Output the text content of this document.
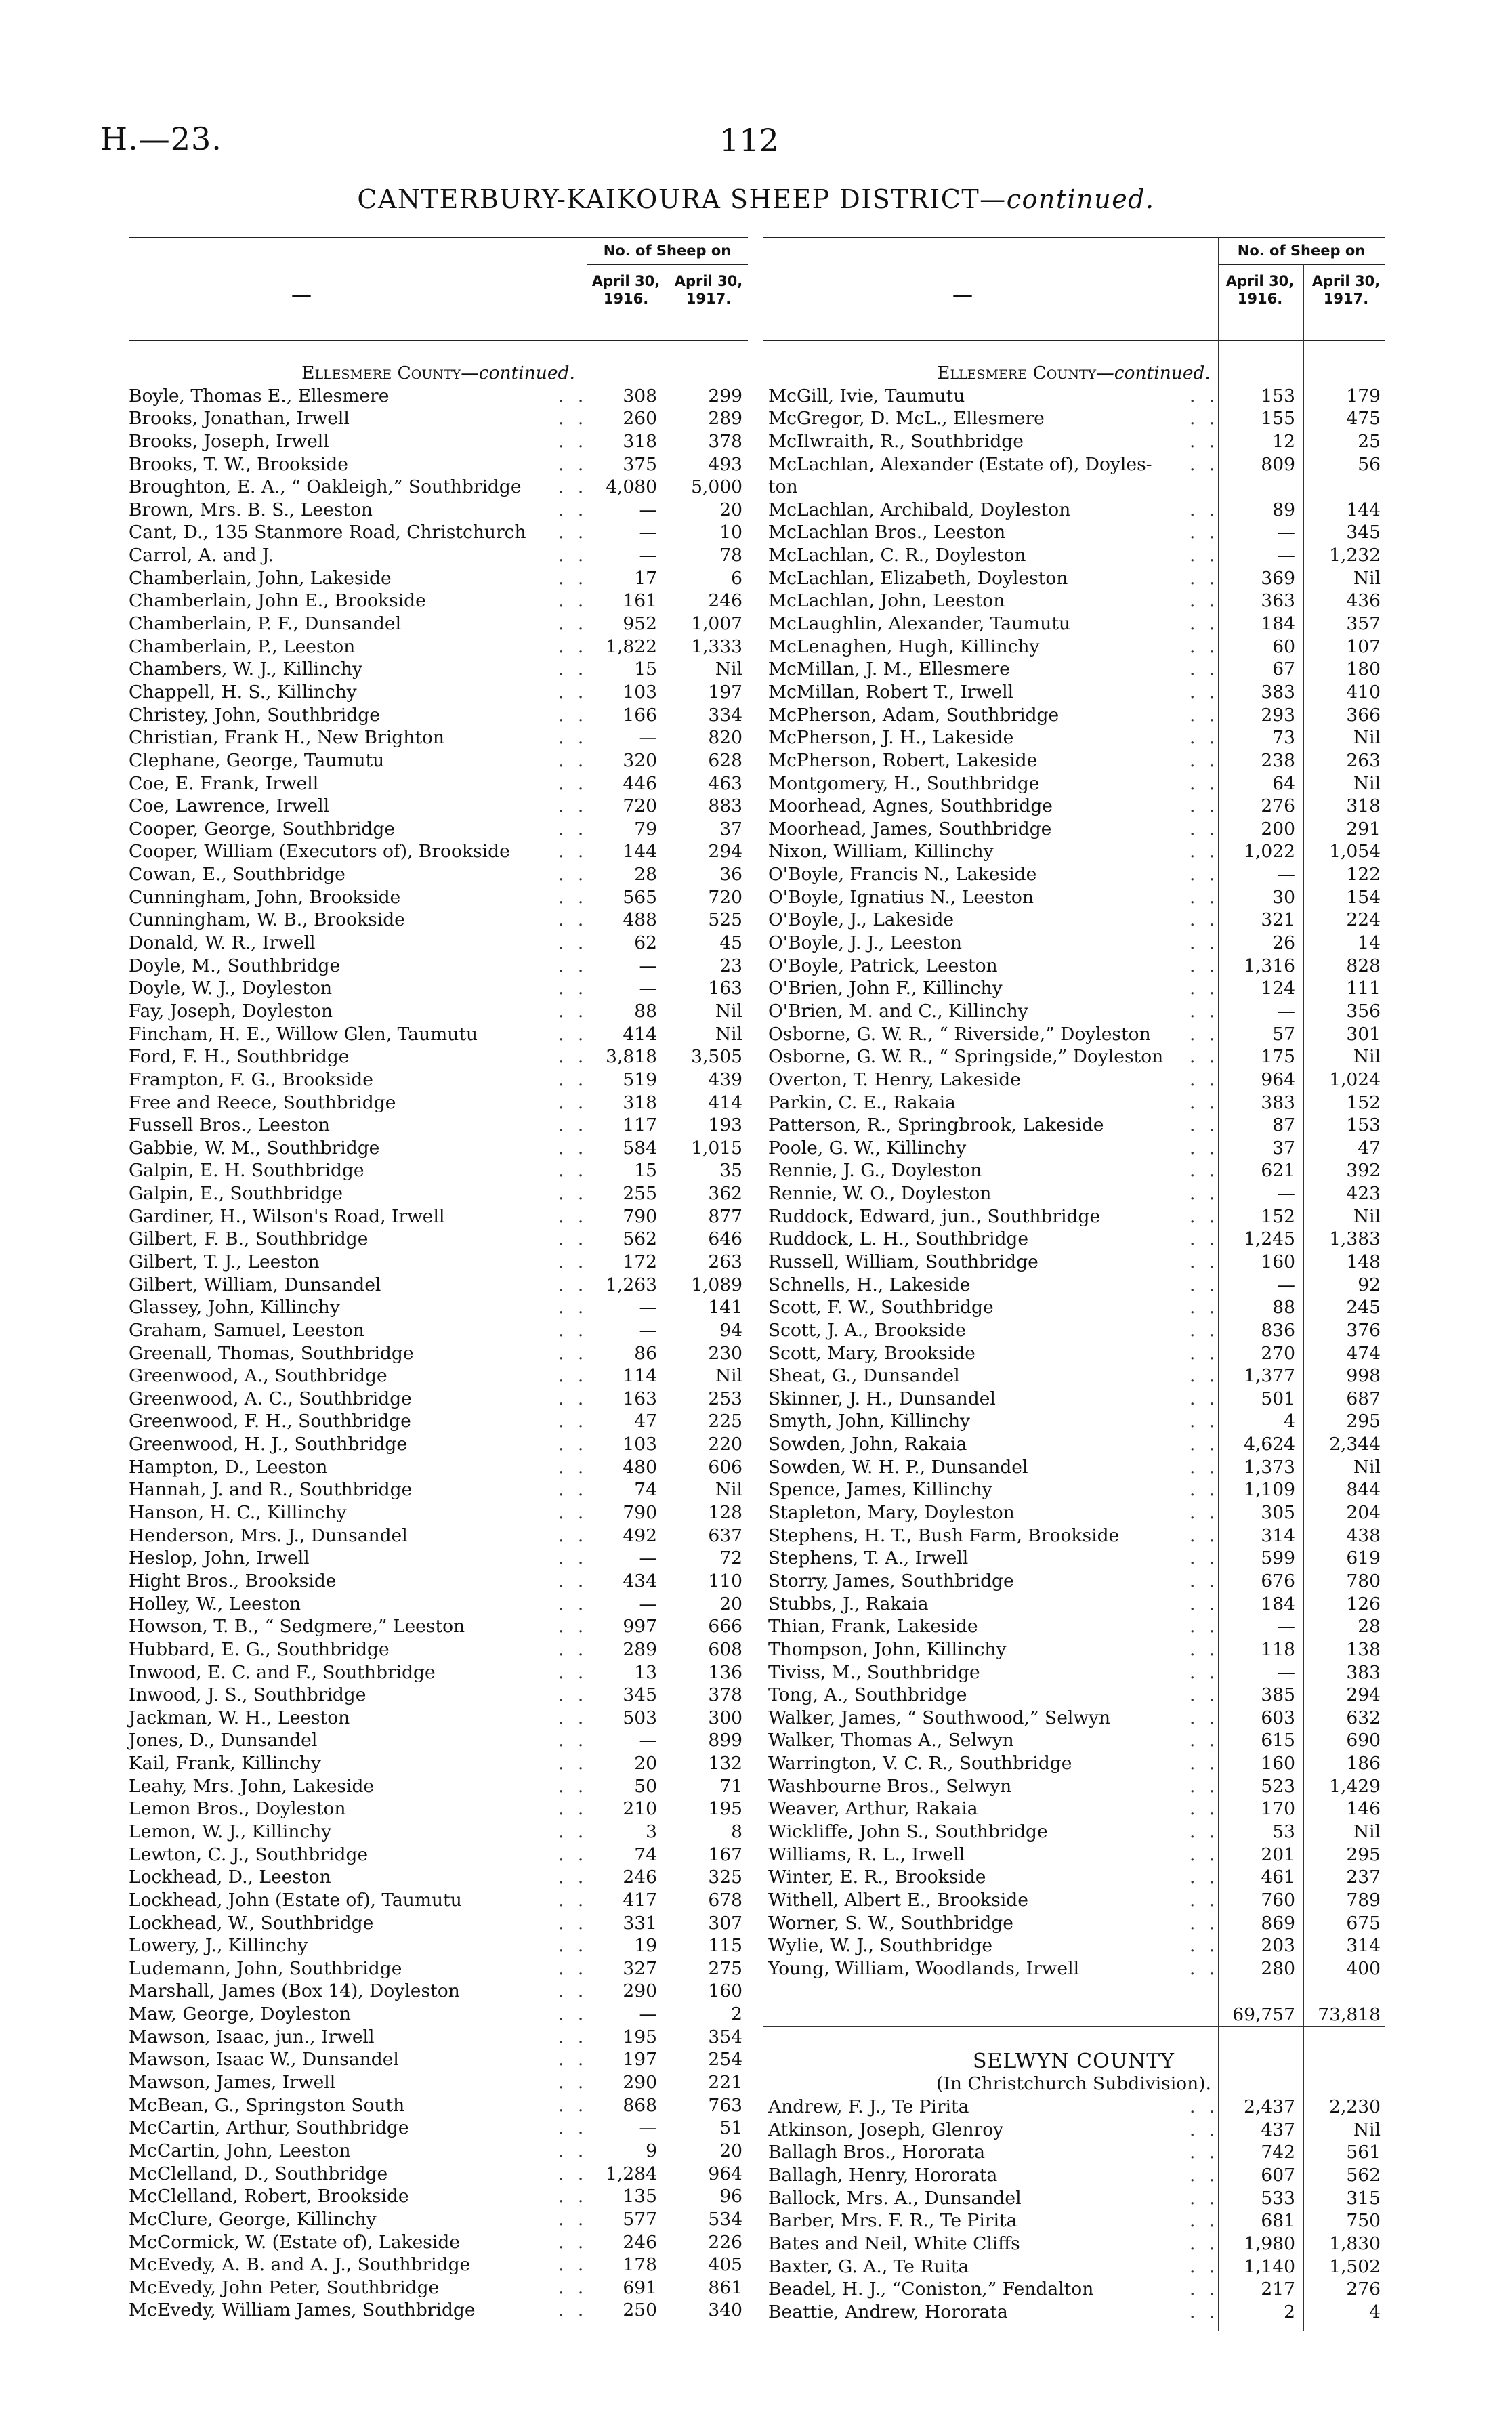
H.—23.	112
CANTERBURY-KAIKOURA SHEEP DISTRICT—continued.
—
No. of Sheep on
April 30, 1916.
April 30, 1917.
Ellesmere County—continued.
Boyle, Thomas E., Ellesmere	. .	308	299
Brooks, Jonathan, Irwell	. .	260	289
Brooks, Joseph, Irwell	. .	318	378
Brooks, T. W., Brookside	. .	375	493
Broughton, E. A., “ Oakleigh,” Southbridge . .	4,080	5,000
Brown, Mrs. B. S., Leeston	. .	—	20
Cant, D., 135 Stanmore Road, Christchurch . .	—	10
Carrol, A. and J.	. .	—	78
Chamberlain, John, Lakeside	. .	17	6
Chamberlain, John E., Brookside	. .	161	246
Chamberlain, P. F., Dunsandel	. .	952	1,007
Chamberlain, P., Leeston	. .	1,822	1,333
Chambers, W. J., Killinchy	. .	15	Nil
Chappell, H. S., Killinchy	. .	103	197
Christey, John, Southbridge	. .	166	334
Christian, Frank H., New Brighton	. .	—	820
Clephane, George, Taumutu	. .	320	628
Coe, E. Frank, Irwell	. .	446	463
Coe, Lawrence, Irwell	. .	720	883
Cooper, George, Southbridge	. .	79	37
Cooper, William (Executors of), Brookside	. .	144	294
Cowan, E., Southbridge	. .	28	36
Cunningham, John, Brookside	. .	565	720
Cunningham, W. B., Brookside	. .	488	525
Donald, W. R., Irwell	. .	62	45
Doyle, M., Southbridge	. .	—	23
Doyle, W. J., Doyleston	. .	—	163
Fay, Joseph, Doyleston	. .	88	Nil
Fincham, H. E., Willow Glen, Taumutu	. .	414	Nil
Ford, F. H., Southbridge	. .	3,818	3,505
Frampton, F. G., Brookside	. .	519	439
Free and Reece, Southbridge	. .	318	414
Fussell Bros., Leeston	. .	117	193
Gabbie, W. M., Southbridge	. .	584	1,015
Galpin, E. H. Southbridge	. .	15	35
Galpin, E., Southbridge	. .	255	362
Gardiner, H., Wilson's Road, Irwell	. .	790	877
Gilbert, F. B., Southbridge	. .	562	646
Gilbert, T. J., Leeston	. .	172	263
Gilbert, William, Dunsandel	. .	1,263	1,089
Glassey, John, Killinchy	. .	—	141
Graham, Samuel, Leeston	. .	—	94
Greenall, Thomas, Southbridge	. .	86	230
Greenwood, A., Southbridge	. .	114	Nil
Greenwood, A. C., Southbridge	. .	163	253
Greenwood, F. H., Southbridge	. .	47	225
Greenwood, H. J., Southbridge	. .	103	220
Hampton, D., Leeston	. .	480	606
Hannah, J. and R., Southbridge	. .	74	Nil
Hanson, H. C., Killinchy	. .	790	128
Henderson, Mrs. J., Dunsandel	. .	492	637
Heslop, John, Irwell	. .	—	72
Hight Bros., Brookside	. .	434	110
Holley, W., Leeston	. .	—	20
Howson, T. B., “ Sedgmere,” Leeston	. .	997	666
Hubbard, E. G., Southbridge	. .	289	608
Inwood, E. C. and F., Southbridge	. .	13	136
Inwood, J. S., Southbridge	. .	345	378
Jackman, W. H., Leeston	. .	503	300
Jones, D., Dunsandel	. .	—	899
Kail, Frank, Killinchy	. .	20	132
Leahy, Mrs. John, Lakeside	. .	50	71
Lemon Bros., Doyleston	. .	210	195
Lemon, W. J., Killinchy	. .	3	8
Lewton, C. J., Southbridge	. .	74	167
Lockhead, D., Leeston	. .	246	325
Lockhead, John (Estate of), Taumutu	. .	417	678
Lockhead, W., Southbridge	. .	331	307
Lowery, J., Killinchy	. .	19	115
Ludemann, John, Southbridge	. .	327	275
Marshall, James (Box 14), Doyleston	. .	290	160
Maw, George, Doyleston	. .	—	2
Mawson, Isaac, jun., Irwell	. .	195	354
Mawson, Isaac W., Dunsandel	. .	197	254
Mawson, James, Irwell	. .	290	221
McBean, G., Springston South	. .	868	763
McCartin, Arthur, Southbridge	. .	—	51
McCartin, John, Leeston	. .	9	20
McClelland, D., Southbridge	. .	1,284	964
McClelland, Robert, Brookside	. .	135	96
McClure, George, Killinchy	. .	577	534
McCormick, W. (Estate of), Lakeside	. .	246	226
McEvedy, A. B. and A. J., Southbridge	. .	178	405
McEvedy, John Peter, Southbridge	. .	691	861
McEvedy, William James, Southbridge	. .	250	340
—
No. of Sheep on
April 30, 1916.
April 30, 1917.
Ellesmere County—continued.
McGill, Ivie, Taumutu	. .	153	179
McGregor, D. McL., Ellesmere	. .	155	475
McIlwraith, R., Southbridge	. .	12	25
McLachlan, Alexander (Estate of), Doyles- . .	809	56
ton
McLachlan, Archibald, Doyleston	. .	89	144
McLachlan Bros., Leeston	. .	—	345
McLachlan, C. R., Doyleston	. .	—	1,232
McLachlan, Elizabeth, Doyleston	. .	369	Nil
McLachlan, John, Leeston	. .	363	436
McLaughlin, Alexander, Taumutu	. .	184	357
McLenaghen, Hugh, Killinchy	. .	60	107
McMillan, J. M., Ellesmere	. .	67	180
McMillan, Robert T., Irwell	. .	383	410
McPherson, Adam, Southbridge	. .	293	366
McPherson, J. H., Lakeside	. .	73	Nil
McPherson, Robert, Lakeside	. .	238	263
Montgomery, H., Southbridge	. .	64	Nil
Moorhead, Agnes, Southbridge	. .	276	318
Moorhead, James, Southbridge	. .	200	291
Nixon, William, Killinchy	. .	1,022	1,054
O'Boyle, Francis N., Lakeside	. .	—	122
O'Boyle, Ignatius N., Leeston	. .	30	154
O'Boyle, J., Lakeside	. .	321	224
O'Boyle, J. J., Leeston	. .	26	14
O'Boyle, Patrick, Leeston	. .	1,316	828
O'Brien, John F., Killinchy	. .	124	111
O'Brien, M. and C., Killinchy	. .	—	356
Osborne, G. W. R., “ Riverside,” Doyleston . .	57	301
Osborne, G. W. R., “ Springside,” Doyleston . .	175	Nil
Overton, T. Henry, Lakeside	. .	964	1,024
Parkin, C. E., Rakaia	. .	383	152
Patterson, R., Springbrook, Lakeside	. .	87	153
Poole, G. W., Killinchy	. .	37	47
Rennie, J. G., Doyleston	. .	621	392
Rennie, W. O., Doyleston	. .	—	423
Ruddock, Edward, jun., Southbridge	. .	152	Nil
Ruddock, L. H., Southbridge	. .	1,245	1,383
Russell, William, Southbridge	. .	160	148
Schnells, H., Lakeside	. .	—	92
Scott, F. W., Southbridge	. .	88	245
Scott, J. A., Brookside	. .	836	376
Scott, Mary, Brookside	. .	270	474
Sheat, G., Dunsandel	. .	1,377	998
Skinner, J. H., Dunsandel	. .	501	687
Smyth, John, Killinchy	. .	4	295
Sowden, John, Rakaia	. .	4,624	2,344
Sowden, W. H. P., Dunsandel	. .	1,373	Nil
Spence, James, Killinchy	. .	1,109	844
Stapleton, Mary, Doyleston	. .	305	204
Stephens, H. T., Bush Farm, Brookside	. .	314	438
Stephens, T. A., Irwell	. .	599	619
Storry, James, Southbridge	. .	676	780
Stubbs, J., Rakaia	. .	184	126
Thian, Frank, Lakeside	. .	—	28
Thompson, John, Killinchy	. .	118	138
Tiviss, M., Southbridge	. .	—	383
Tong, A., Southbridge	. .	385	294
Walker, James, “ Southwood,” Selwyn	. .	603	632
Walker, Thomas A., Selwyn	. .	615	690
Warrington, V. C. R., Southbridge	. .	160	186
Washbourne Bros., Selwyn	. .	523	1,429
Weaver, Arthur, Rakaia	. .	170	146
Wickliffe, John S., Southbridge	. .	53	Nil
Williams, R. L., Irwell	. .	201	295
Winter, E. R., Brookside	. .	461	237
Withell, Albert E., Brookside	. .	760	789
Worner, S. W., Southbridge	. .	869	675
Wylie, W. J., Southbridge	. .	203	314
Young, William, Woodlands, Irwell	. .	280	400
69,757	73,818
SELWYN COUNTY
(In Christchurch Subdivision).
Andrew, F. J., Te Pirita	. .	2,437	2,230
Atkinson, Joseph, Glenroy	. .	437	Nil
Ballagh Bros., Hororata	. .	742	561
Ballagh, Henry, Hororata	. .	607	562
Ballock, Mrs. A., Dunsandel	. .	533	315
Barber, Mrs. F. R., Te Pirita	. .	681	750
Bates and Neil, White Cliffs	. .	1,980	1,830
Baxter, G. A., Te Ruita	. .	1,140	1,502
Beadel, H. J., “Coniston,” Fendalton	. .	217	276
Beattie, Andrew, Hororata	. .	2	4
